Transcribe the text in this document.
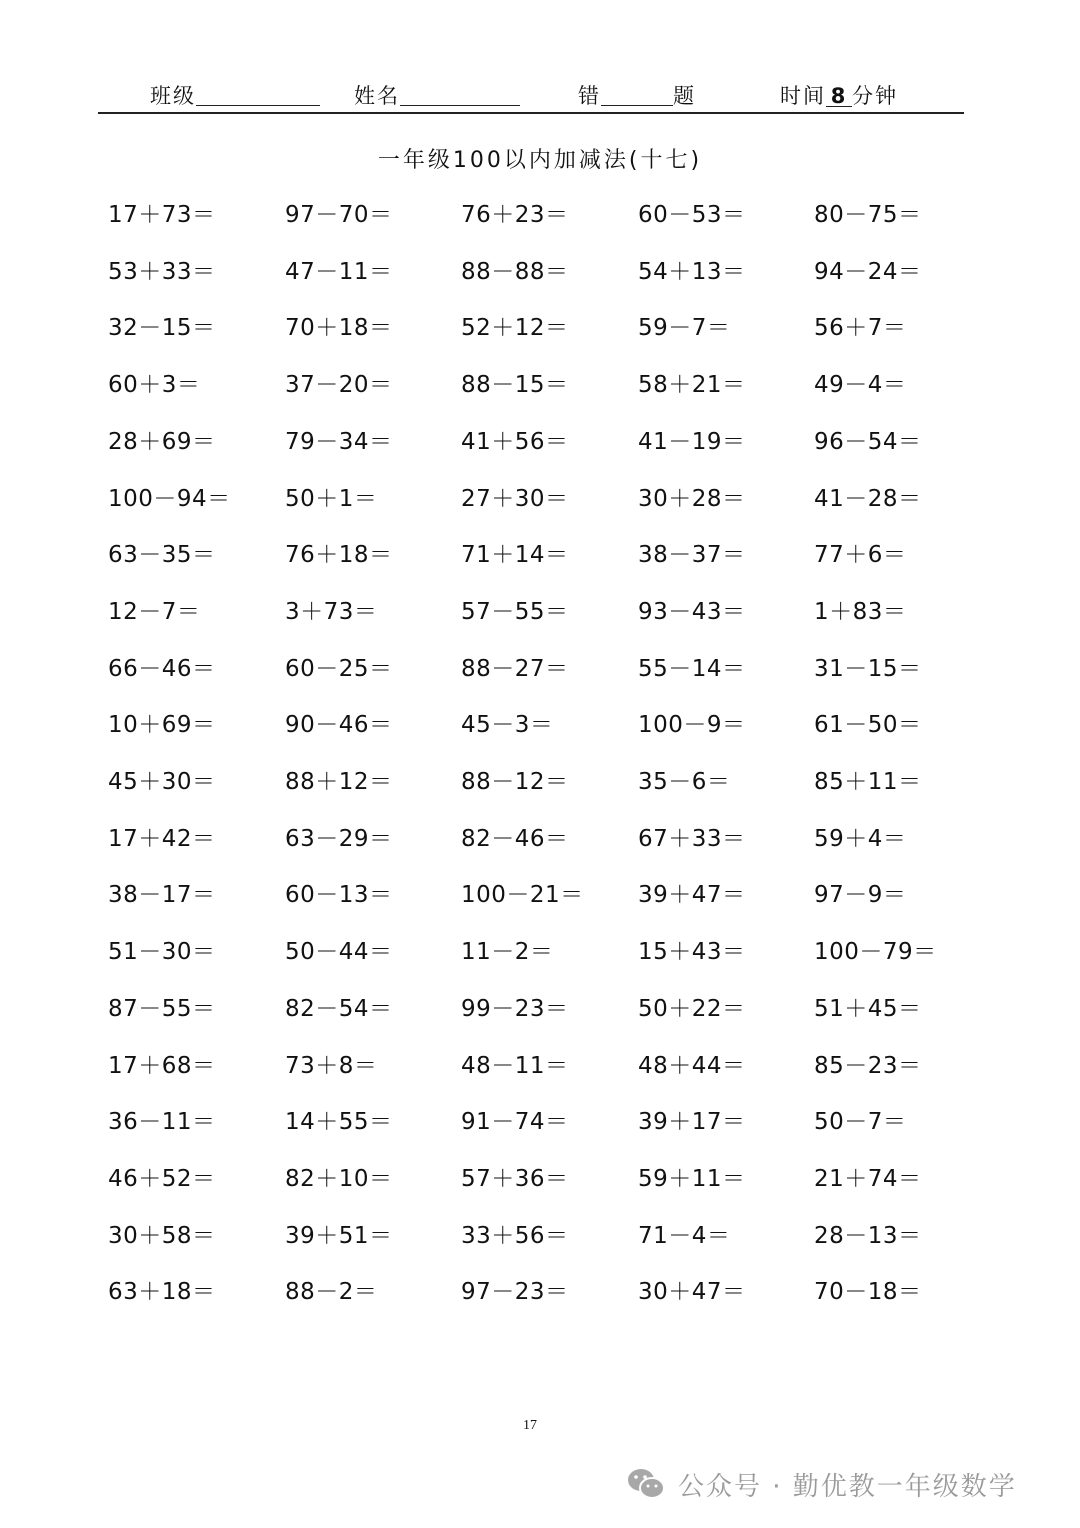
班级	姓名	错	题	时间 8 分钟
一年级100以内加减法(十七)
17＋73＝	97－70＝	76＋23＝	60－53＝	80－75＝
53＋33＝	47－11＝	88－88＝	54＋13＝	94－24＝
32－15＝	70＋18＝	52＋12＝	59－7＝	56＋7＝
60＋3＝	37－20＝	88－15＝	58＋21＝	49－4＝
28＋69＝	79－34＝	41＋56＝	41－19＝	96－54＝
100－94＝ 50＋1＝	27＋30＝	30＋28＝	41－28＝
63－35＝	76＋18＝	71＋14＝	38－37＝	77＋6＝
12－7＝	3＋73＝	57－55＝	93－43＝	1＋83＝
66－46＝	60－25＝	88－27＝	55－14＝	31－15＝
10＋69＝	90－46＝	45－3＝	100－9＝	61－50＝
45＋30＝	88＋12＝	88－12＝	35－6＝	85＋11＝
17＋42＝	63－29＝	82－46＝	67＋33＝	59＋4＝
38－17＝	60－13＝	100－21＝ 39＋47＝	97－9＝
51－30＝	50－44＝	11－2＝	15＋43＝	100－79＝
87－55＝	82－54＝	99－23＝	50＋22＝	51＋45＝
17＋68＝	73＋8＝	48－11＝	48＋44＝	85－23＝
36－11＝	14＋55＝	91－74＝	39＋17＝	50－7＝
46＋52＝	82＋10＝	57＋36＝	59＋11＝	21＋74＝
30＋58＝	39＋51＝	33＋56＝	71－4＝	28－13＝
63＋18＝	88－2＝	97－23＝	30＋47＝	70－18＝
17
公众号 · 勤优教一年级数学
